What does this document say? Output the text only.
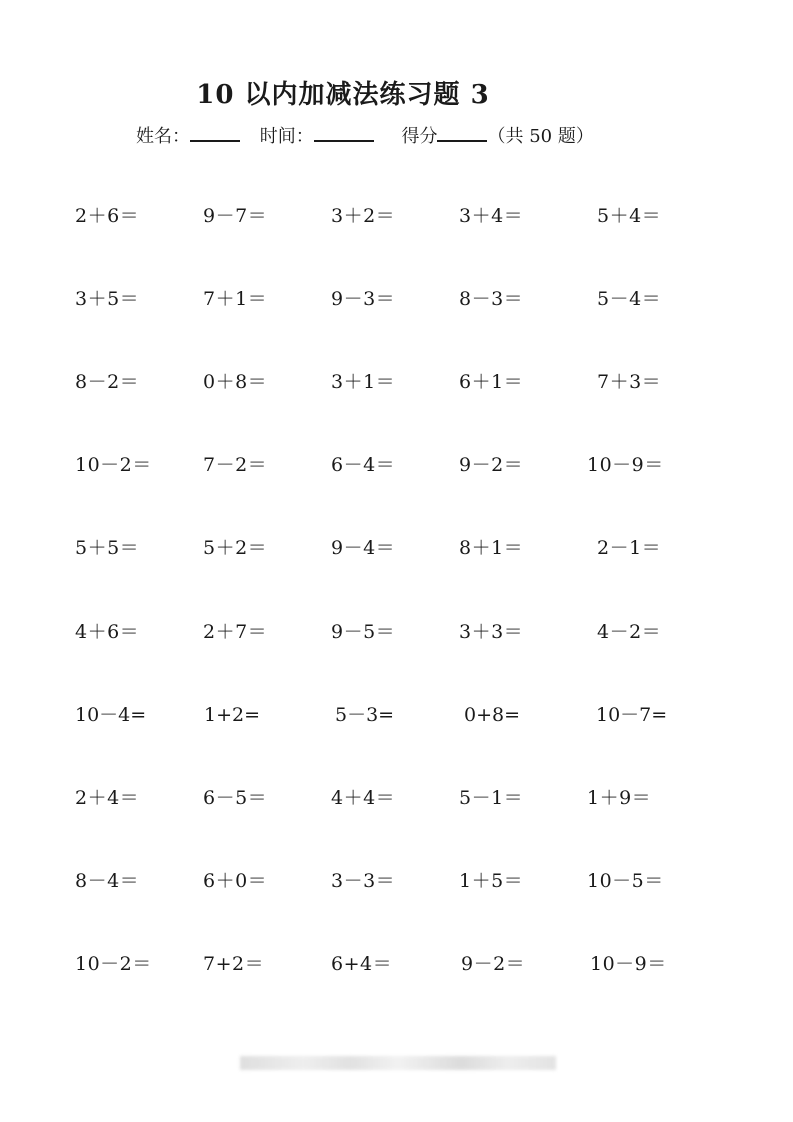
10 以内加减法练习题 3
姓名：	时间：	得分	（共 50 题）
2＋6＝	9－7＝	3＋2＝	3＋4＝	5＋4＝
3＋5＝	7＋1＝	9－3＝	8－3＝	5－4＝
8－2＝	0＋8＝	3＋1＝	6＋1＝	7＋3＝
10－2＝	7－2＝	6－4＝	9－2＝	10－9＝
5＋5＝	5＋2＝	9－4＝	8＋1＝	2－1＝
4＋6＝	2＋7＝	9－5＝	3＋3＝	4－2＝
10－4=	1+2=	5－3=	0+8=	10－7=
2＋4＝	6－5＝	4＋4＝	5－1＝	1＋9＝
8－4＝	6＋0＝	3－3＝	1＋5＝	10－5＝
10－2＝	7+2＝	6+4＝	9－2＝	10－9＝
